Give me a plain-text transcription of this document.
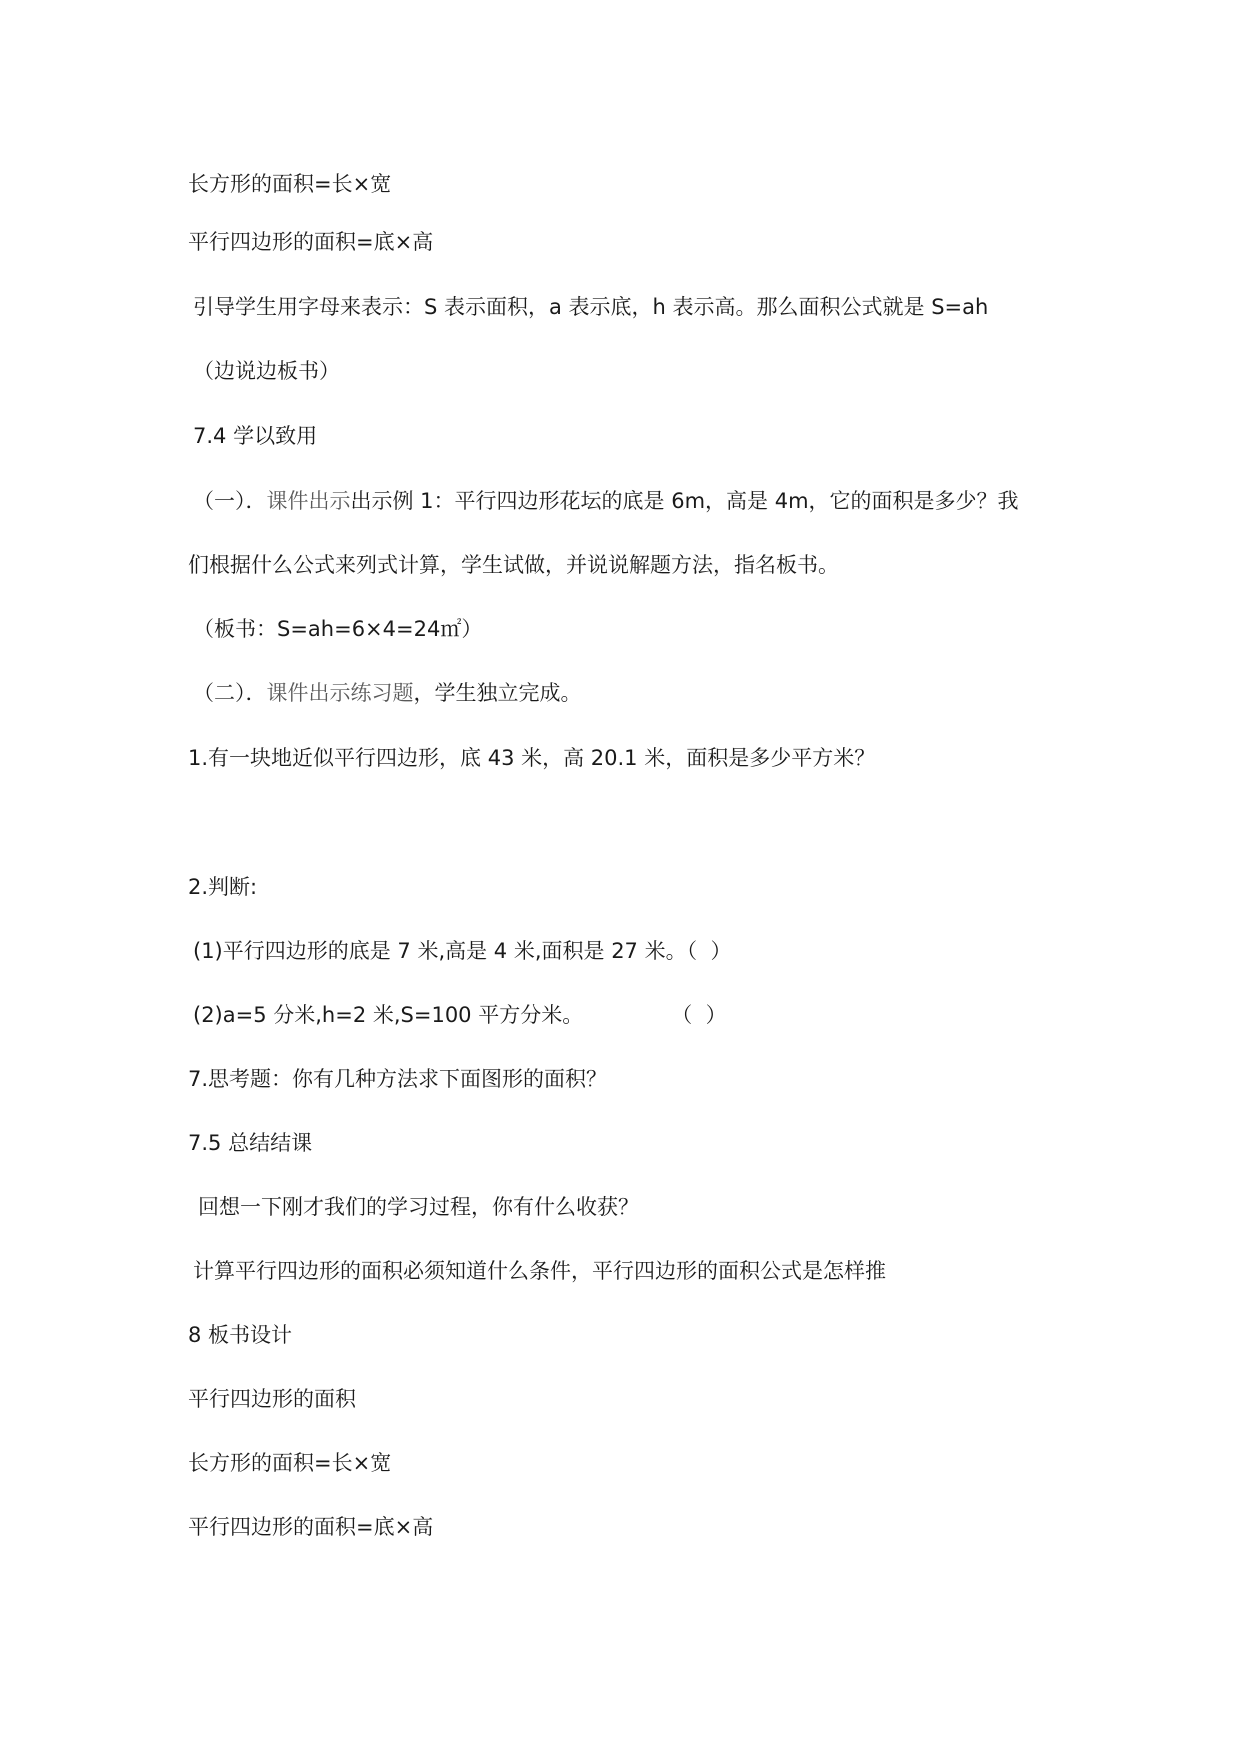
长方形的面积=长×宽
平行四边形的面积=底×高
引导学生用字母来表示：S 表示面积，a 表示底，h 表示高。那么面积公式就是 S=ah
（边说边板书）
7.4 学以致用
（一）．课件出示出示例 1：平行四边形花坛的底是 6m，高是 4m，它的面积是多少？我
们根据什么公式来列式计算，学生试做，并说说解题方法，指名板书。
（板书：S=ah=6×4=24㎡）
（二）．课件出示练习题，学生独立完成。
1.有一块地近似平行四边形，底 43 米，高 20.1 米，面积是多少平方米？
2.判断:
(1)平行四边形的底是 7 米,高是 4 米,面积是 27 米。（  ）
(2)a=5 分米,h=2 米,S=100 平方分米。	（  ）
7.思考题：你有几种方法求下面图形的面积？
7.5 总结结课
回想一下刚才我们的学习过程，你有什么收获？
计算平行四边形的面积必须知道什么条件，平行四边形的面积公式是怎样推
8 板书设计
平行四边形的面积
长方形的面积=长×宽
平行四边形的面积=底×高
